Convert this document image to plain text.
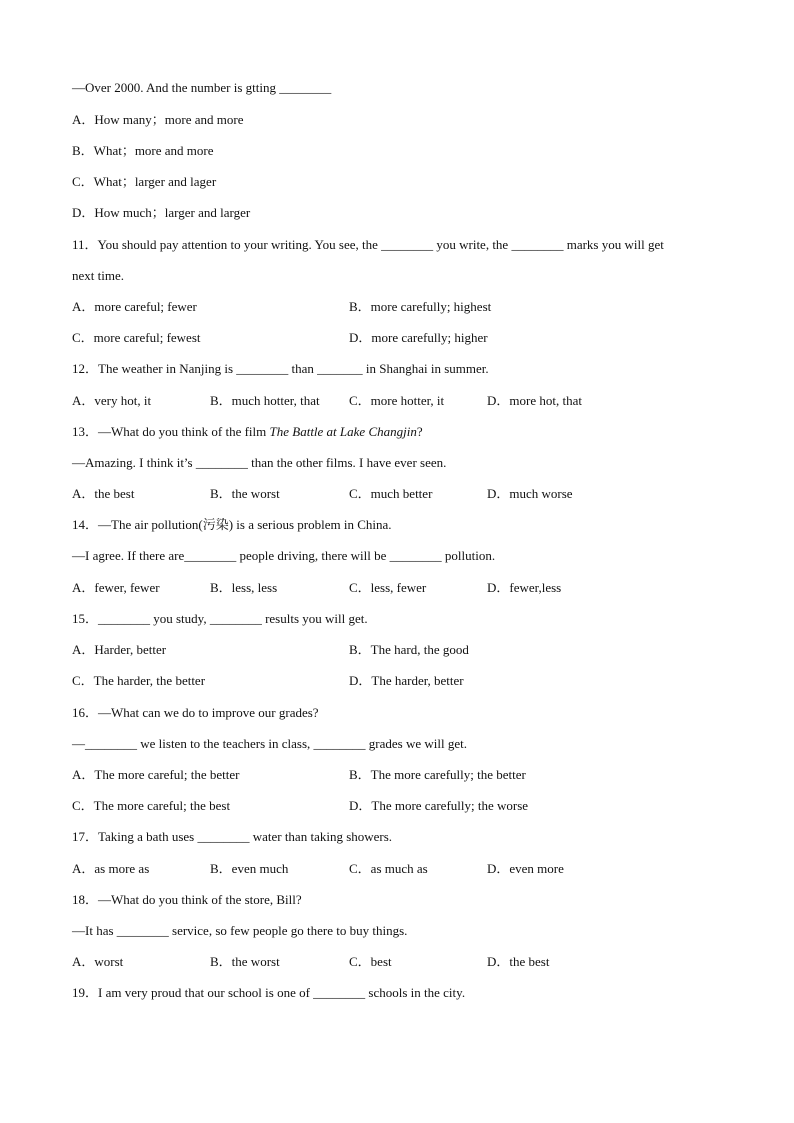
—Over 2000. And the number is gtting ________
A．How many；more and more
B．What；more and more
C．What；larger and lager
D．How much；larger and larger
11．You should pay attention to your writing. You see, the ________ you write, the ________ marks you will get
next time.
A．more careful; fewer	B．more carefully; highest
C．more careful; fewest	D．more carefully; higher
12．The weather in Nanjing is ________ than _______ in Shanghai in summer.
A．very hot, it	B．much hotter, that C．more hotter, it	D．more hot, that
13．—What do you think of the film The Battle at Lake Changjin?
—Amazing. I think it’s ________ than the other films. I have ever seen.
A．the best	B．the worst	C．much better	D．much worse
14．—The air pollution(污染) is a serious problem in China.
—I agree. If there are________ people driving, there will be ________ pollution.
A．fewer, fewer	B．less, less	C．less, fewer	D．fewer,less
15．________ you study, ________ results you will get.
A．Harder, better	B．The hard, the good
C．The harder, the better	D．The harder, better
16．—What can we do to improve our grades?
—________ we listen to the teachers in class, ________ grades we will get.
A．The more careful; the better	B．The more carefully; the better
C．The more careful; the best	D．The more carefully; the worse
17．Taking a bath uses ________ water than taking showers.
A．as more as	B．even much	C．as much as	D．even more
18．—What do you think of the store, Bill?
—It has ________ service, so few people go there to buy things.
A．worst	B．the worst	C．best	D．the best
19．I am very proud that our school is one of ________ schools in the city.
